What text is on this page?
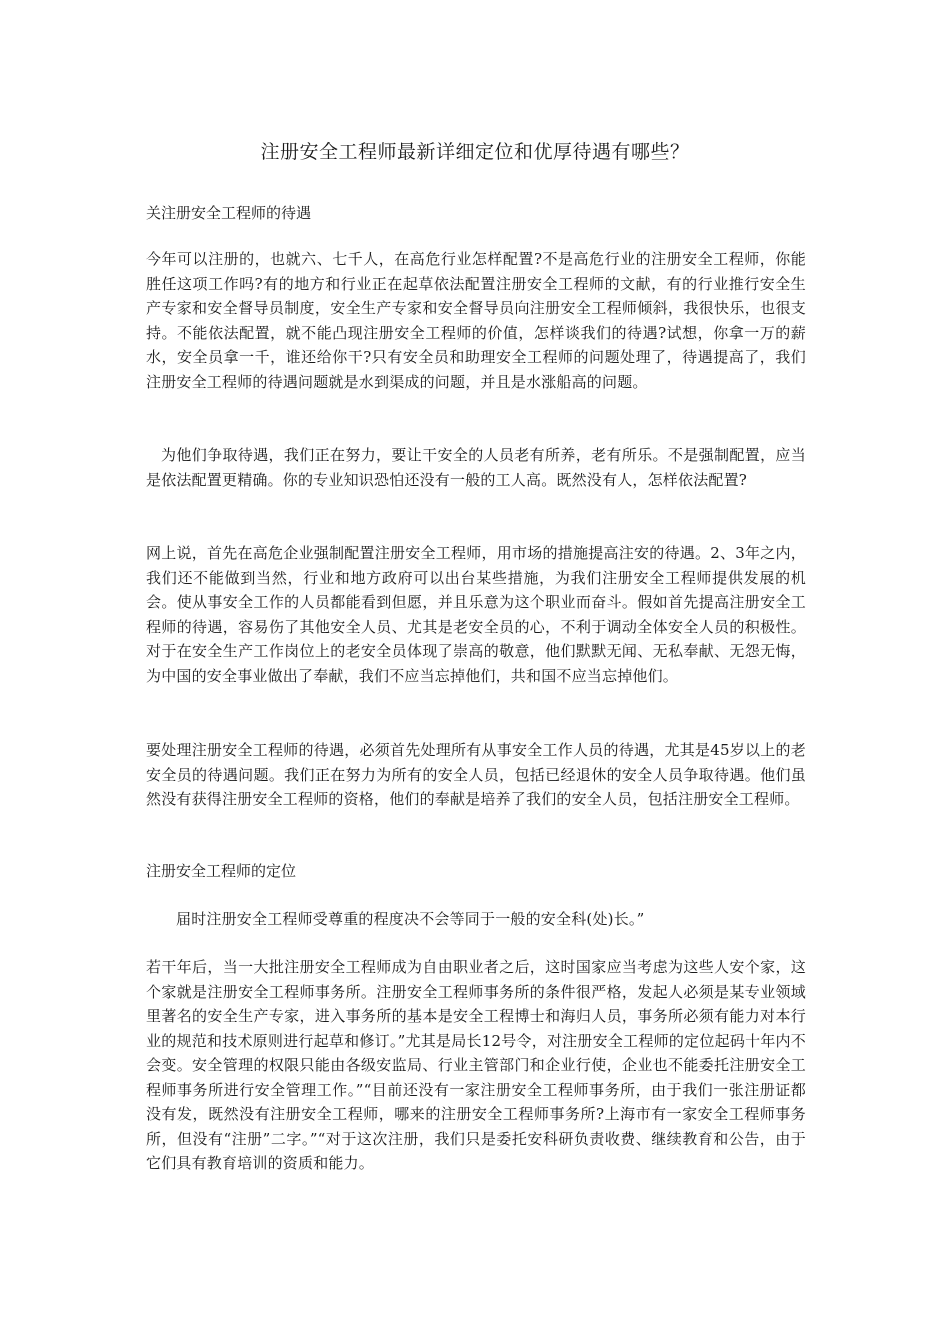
注册安全工程师最新详细定位和优厚待遇有哪些？

关注册安全工程师的待遇

今年可以注册的，也就六、七千人，在高危行业怎样配置?不是高危行业的注册安全工程师，你能胜任这项工作吗?有的地方和行业正在起草依法配置注册安全工程师的文献，有的行业推行安全生产专家和安全督导员制度，安全生产专家和安全督导员向注册安全工程师倾斜，我很快乐，也很支持。不能依法配置，就不能凸现注册安全工程师的价值，怎样谈我们的待遇?试想，你拿一万的薪水，安全员拿一千，谁还给你干?只有安全员和助理安全工程师的问题处理了，待遇提高了，我们注册安全工程师的待遇问题就是水到渠成的问题，并且是水涨船高的问题。

为他们争取待遇，我们正在努力，要让干安全的人员老有所养，老有所乐。不是强制配置，应当是依法配置更精确。你的专业知识恐怕还没有一般的工人高。既然没有人，怎样依法配置?

网上说，首先在高危企业强制配置注册安全工程师，用市场的措施提高注安的待遇。2、3年之内，我们还不能做到当然，行业和地方政府可以出台某些措施，为我们注册安全工程师提供发展的机会。使从事安全工作的人员都能看到但愿，并且乐意为这个职业而奋斗。假如首先提高注册安全工程师的待遇，容易伤了其他安全人员、尤其是老安全员的心，不利于调动全体安全人员的积极性。对于在安全生产工作岗位上的老安全员体现了崇高的敬意，他们默默无闻、无私奉献、无怨无悔，为中国的安全事业做出了奉献，我们不应当忘掉他们，共和国不应当忘掉他们。

要处理注册安全工程师的待遇，必须首先处理所有从事安全工作人员的待遇，尤其是45岁以上的老安全员的待遇问题。我们正在努力为所有的安全人员，包括已经退休的安全人员争取待遇。他们虽然没有获得注册安全工程师的资格，他们的奉献是培养了我们的安全人员，包括注册安全工程师。

注册安全工程师的定位

届时注册安全工程师受尊重的程度决不会等同于一般的安全科(处)长。”

若干年后，当一大批注册安全工程师成为自由职业者之后，这时国家应当考虑为这些人安个家，这个家就是注册安全工程师事务所。注册安全工程师事务所的条件很严格，发起人必须是某专业领域里著名的安全生产专家，进入事务所的基本是安全工程博士和海归人员，事务所必须有能力对本行业的规范和技术原则进行起草和修订。”尤其是局长12号令，对注册安全工程师的定位起码十年内不会变。安全管理的权限只能由各级安监局、行业主管部门和企业行使，企业也不能委托注册安全工程师事务所进行安全管理工作。”“目前还没有一家注册安全工程师事务所，由于我们一张注册证都没有发，既然没有注册安全工程师，哪来的注册安全工程师事务所?上海市有一家安全工程师事务所，但没有“注册”二字。”“对于这次注册，我们只是委托安科研负责收费、继续教育和公告，由于它们具有教育培训的资质和能力。
